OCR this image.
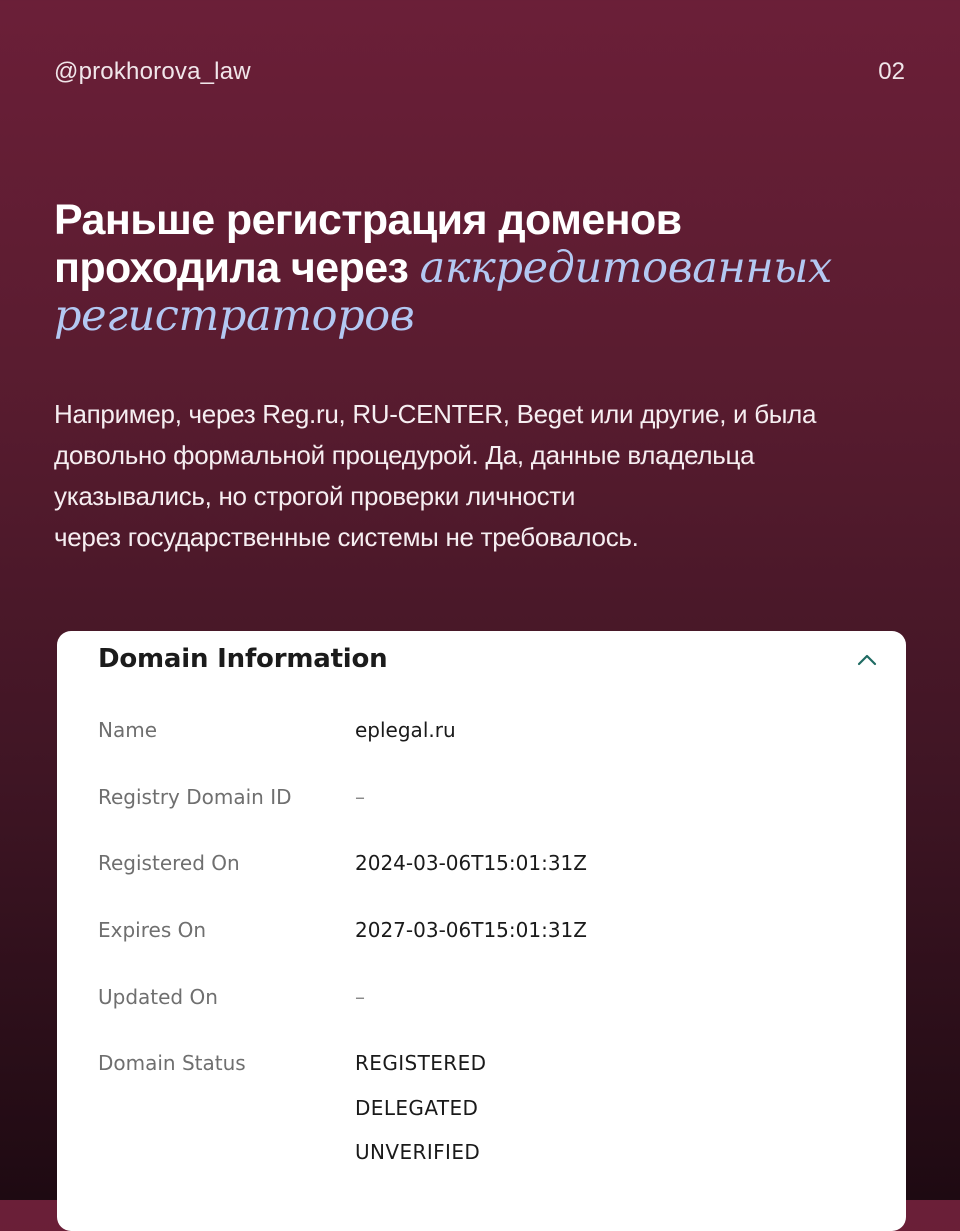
@prokhorova_law	02
Раньше регистрация доменов
проходила через аккредитованных
регистраторов

Например, через Reg.ru, RU-CENTER, Beget или другие, и была
довольно формальной процедурой. Да, данные владельца
указывались, но строгой проверки личности
через государственные системы не требовалось.

Domain Information
Name	eplegal.ru
Registry Domain ID	–
Registered On	2024-03-06T15:01:31Z
Expires On	2027-03-06T15:01:31Z
Updated On	–
Domain Status	REGISTERED
DELEGATED
UNVERIFIED
